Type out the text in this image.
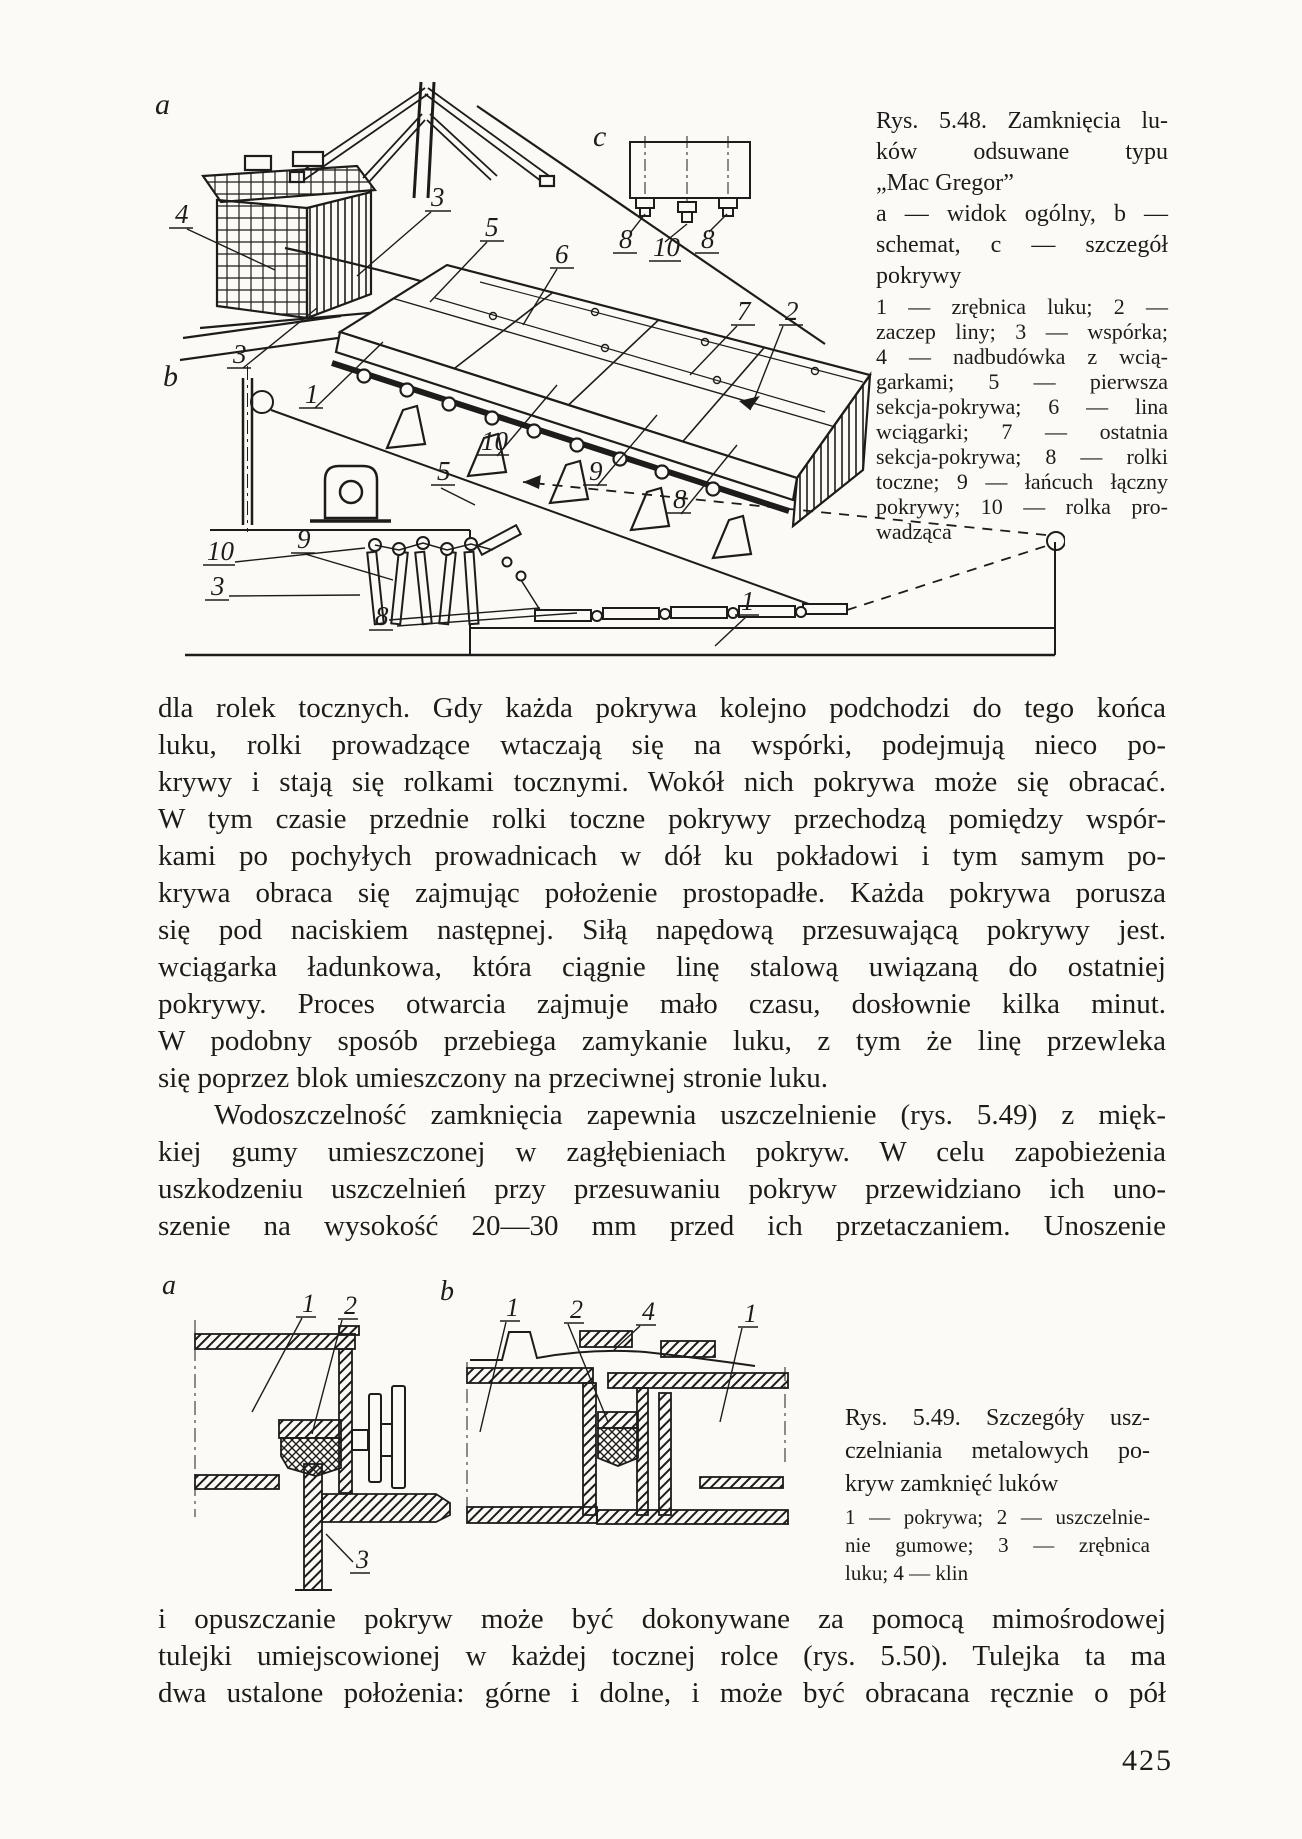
a
c
b
3
5
6
7 2
4
3
1
10
9
8
5
10
3
9
8	1
8 10 8
Rys. 5.48. Zamknięcia lu-
ków odsuwane typu
„Mac Gregor”
a — widok ogólny, b —
schemat, c — szczegół
pokrywy
1 — zrębnica luku; 2 —
zaczep liny; 3 — wspórka;
4 — nadbudówka z wcią-
garkami; 5 — pierwsza
sekcja-pokrywa; 6 — lina
wciągarki; 7 — ostatnia
sekcja-pokrywa; 8 — rolki
toczne; 9 — łańcuch łączny
pokrywy; 10 — rolka pro-
wadząca
dla rolek tocznych. Gdy każda pokrywa kolejno podchodzi do tego końca
luku, rolki prowadzące wtaczają się na wspórki, podejmują nieco po-
krywy i stają się rolkami tocznymi. Wokół nich pokrywa może się obracać.
W tym czasie przednie rolki toczne pokrywy przechodzą pomiędzy wspór-
kami po pochyłych prowadnicach w dół ku pokładowi i tym samym po-
krywa obraca się zajmując położenie prostopadłe. Każda pokrywa porusza
się pod naciskiem następnej. Siłą napędową przesuwającą pokrywy jest.
wciągarka ładunkowa, która ciągnie linę stalową uwiązaną do ostatniej
pokrywy. Proces otwarcia zajmuje mało czasu, dosłownie kilka minut.
W podobny sposób przebiega zamykanie luku, z tym że linę przewleka
się poprzez blok umieszczony na przeciwnej stronie luku.
Wodoszczelność zamknięcia zapewnia uszczelnienie (rys. 5.49) z mięk-
kiej gumy umieszczonej w zagłębieniach pokryw. W celu zapobieżenia
uszkodzeniu uszczelnień przy przesuwaniu pokryw przewidziano ich uno-
szenie na wysokość 20—30 mm przed ich przetaczaniem. Unoszenie
a
1 2
3
b
1 2 4	1
Rys. 5.49. Szczegóły usz-
czelniania metalowych po-
kryw zamknięć luków
1 — pokrywa; 2 — uszczelnie-
nie gumowe; 3 — zrębnica
luku; 4 — klin
i opuszczanie pokryw może być dokonywane za pomocą mimośrodowej
tulejki umiejscowionej w każdej tocznej rolce (rys. 5.50). Tulejka ta ma
dwa ustalone położenia: górne i dolne, i może być obracana ręcznie o pół
425
